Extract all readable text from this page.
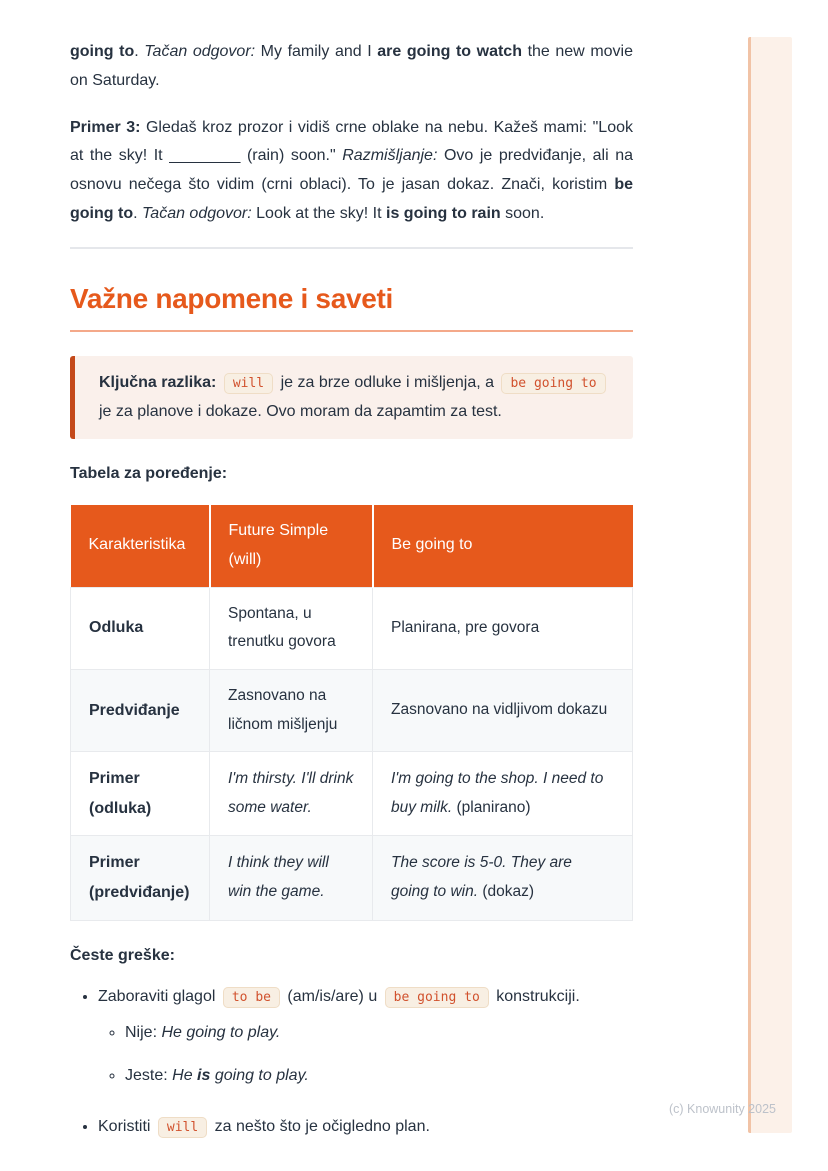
going to. Tačan odgovor: My family and I are going to watch the new movie on Saturday.

Primer 3: Gledaš kroz prozor i vidiš crne oblake na nebu. Kažeš mami: "Look at the sky! It ________ (rain) soon." Razmišljanje: Ovo je predviđanje, ali na osnovu nečega što vidim (crni oblaci). To je jasan dokaz. Znači, koristim be going to. Tačan odgovor: Look at the sky! It is going to rain soon.

Važne napomene i saveti

Ključna razlika: will je za brze odluke i mišljenja, a be going to je za planove i dokaze. Ovo moram da zapamtim za test.

Tabela za poređenje:

Karakteristika	Future Simple (will)	Be going to
Odluka	Spontana, u trenutku govora	Planirana, pre govora
Predviđanje	Zasnovano na ličnom mišljenju	Zasnovano na vidljivom dokazu
Primer (odluka)	I'm thirsty. I'll drink some water.	I'm going to the shop. I need to buy milk. (planirano)
Primer (predviđanje)	I think they will win the game.	The score is 5-0. They are going to win. (dokaz)

Česte greške:

• Zaboraviti glagol to be (am/is/are) u be going to konstrukciji.
◦ Nije: He going to play.
◦ Jeste: He is going to play.
• Koristiti will za nešto što je očigledno plan.
(c) Knowunity 2025
